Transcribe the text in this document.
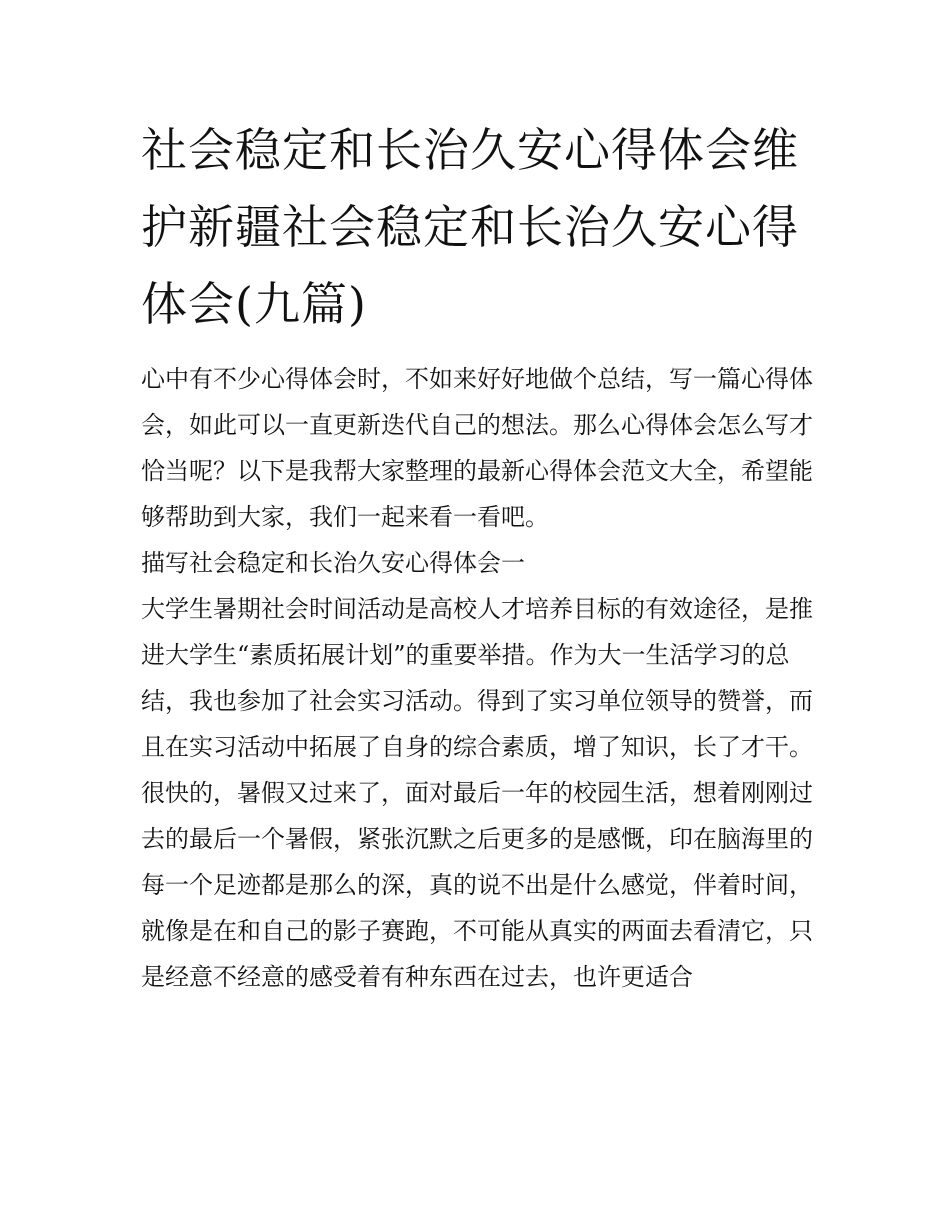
社会稳定和长治久安心得体会维护新疆社会稳定和长治久安心得体会(九篇)

心中有不少心得体会时，不如来好好地做个总结，写一篇心得体会，如此可以一直更新迭代自己的想法。那么心得体会怎么写才恰当呢？以下是我帮大家整理的最新心得体会范文大全，希望能够帮助到大家，我们一起来看一看吧。

描写社会稳定和长治久安心得体会一

大学生暑期社会时间活动是高校人才培养目标的有效途径，是推进大学生“素质拓展计划”的重要举措。作为大一生活学习的总结，我也参加了社会实习活动。得到了实习单位领导的赞誉，而且在实习活动中拓展了自身的综合素质，增了知识，长了才干。

很快的，暑假又过来了，面对最后一年的校园生活，想着刚刚过去的最后一个暑假，紧张沉默之后更多的是感慨，印在脑海里的每一个足迹都是那么的深，真的说不出是什么感觉，伴着时间，就像是在和自己的影子赛跑，不可能从真实的两面去看清它，只是经意不经意的感受着有种东西在过去，也许更适合
